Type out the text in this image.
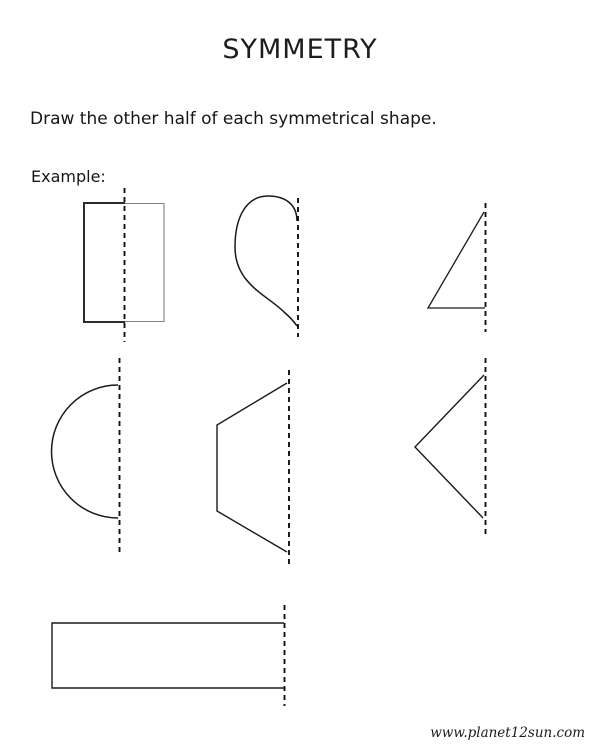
SYMMETRY
Draw the other half of each symmetrical shape.
Example:
www.planet12sun.com
